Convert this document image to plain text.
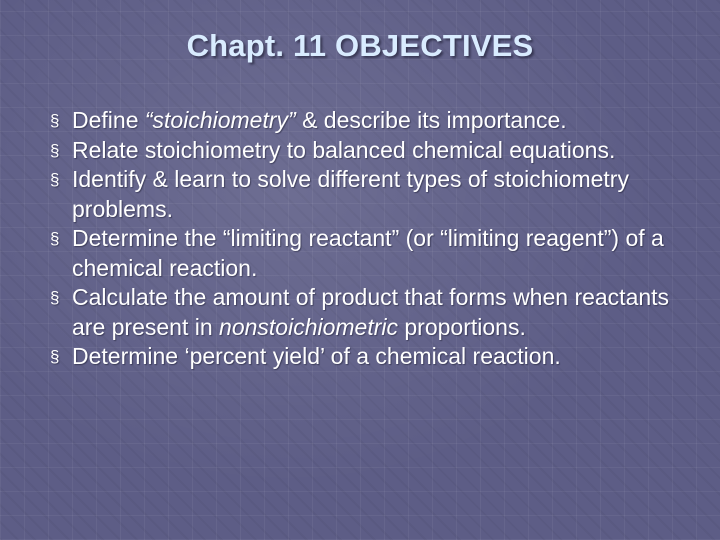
Chapt. 11 OBJECTIVES
§ Define “stoichiometry” & describe its importance.
§ Relate stoichiometry to balanced chemical equations.
§ Identify & learn to solve different types of stoichiometry problems.
§ Determine the “limiting reactant” (or “limiting reagent”) of a chemical reaction.
§ Calculate the amount of product that forms when reactants are present in nonstoichiometric proportions.
§ Determine ‘percent yield’ of a chemical reaction.
